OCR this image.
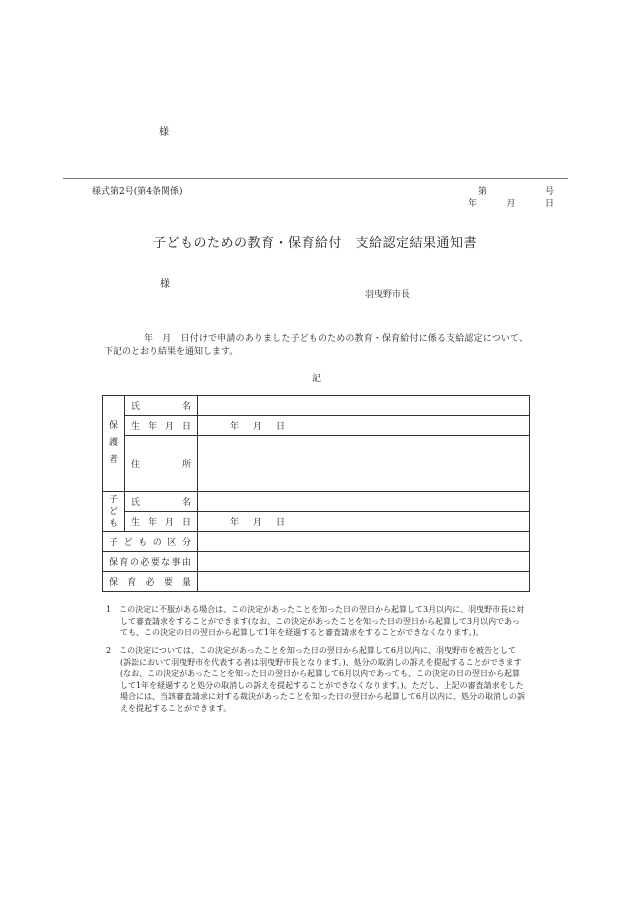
様
様式第2号(第4条関係)	第	号
年	月	日
子どものための教育・保育給付　支給認定結果通知書
様
羽曳野市長
年　月　日付けで申請のありました子どものための教育・保育給付に係る支給認定について、下記のとおり結果を通知します。
記
保
護
者	氏　名	
	生年月日	年 月 日
	住　所	

子
ど
も	氏　名	
	生年月日	年 月 日
子どもの区分		
保育の必要な事由		
保育必要量		
1　 この決定に不服がある場合は、この決定があったことを知った日の翌日から起算して3月以内に、羽曳野市長に対して審査請求をすることができます(なお、この決定があったことを知った日の翌日から起算して3月以内であっても、この決定の日の翌日から起算して1年を経過すると審査請求をすることができなくなります。)。
2　 この決定については、この決定があったことを知った日の翌日から起算して6月以内に、羽曳野市を被告として(訴訟において羽曳野市を代表する者は羽曳野市長となります。)、処分の取消しの訴えを提起することができます(なお、この決定があったことを知った日の翌日から起算して6月以内であっても、この決定の日の翌日から起算して1年を経過すると処分の取消しの訴えを提起することができなくなります。)。ただし、上記の審査請求をした場合には、当該審査請求に対する裁決があったことを知った日の翌日から起算して6月以内に、処分の取消しの訴えを提起することができます。
